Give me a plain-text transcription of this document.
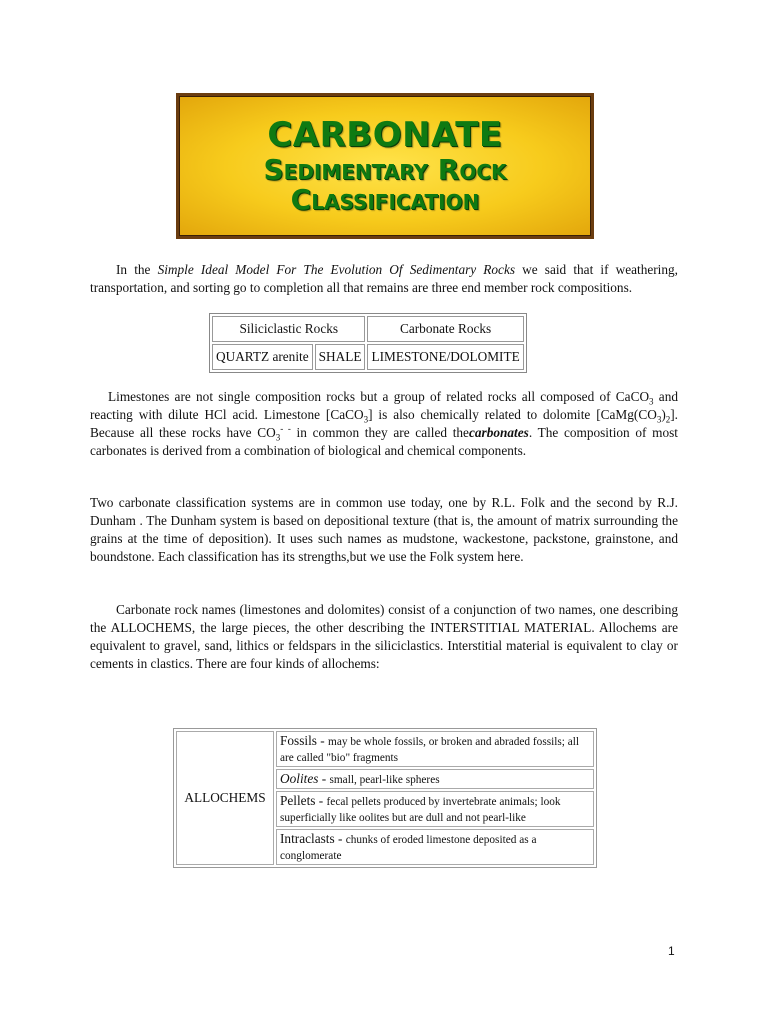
CARBONATE
Sedimentary Rock
Classification
In the Simple Ideal Model For The Evolution Of Sedimentary Rocks we said that if weathering, transportation, and sorting go to completion all that remains are three end member rock compositions.
Siliciclastic Rocks		Carbonate Rocks
QUARTZ arenite	SHALE	LIMESTONE/DOLOMITE
Limestones are not single composition rocks but a group of related rocks all composed of CaCO$_3$ and reacting with dilute HCl acid. Limestone [CaCO$_3$] is also chemically related to dolomite $[CaMg(CO_3)_2]$. Because all these rocks have $CO_3^{- -}$ in common they are called thecarbonates. The composition of most carbonates is derived from a combination of biological and chemical components.
Two carbonate classification systems are in common use today, one by R.L. Folk and the second by R.J. Dunham . The Dunham system is based on depositional texture (that is, the amount of matrix surrounding the grains at the time of deposition). It uses such names as mudstone, wackestone, packstone, grainstone, and boundstone. Each classification has its strengths,but we use the Folk system here.
Carbonate rock names (limestones and dolomites) consist of a conjunction of two names, one describing the ALLOCHEMS, the large pieces, the other describing the INTERSTITIAL MATERIAL. Allochems are equivalent to gravel, sand, lithics or feldspars in the siliciclastics. Interstitial material is equivalent to clay or cements in clastics. There are four kinds of allochems:
ALLOCHEMS	Fossils - may be whole fossils, or broken and abraded fossils; all are called "bio" fragments
Oolites - small, pearl-like spheres
Pellets - fecal pellets produced by invertebrate animals; look superficially like oolites but are dull and not pearl-like
Intraclasts - chunks of eroded limestone deposited as a conglomerate
1
